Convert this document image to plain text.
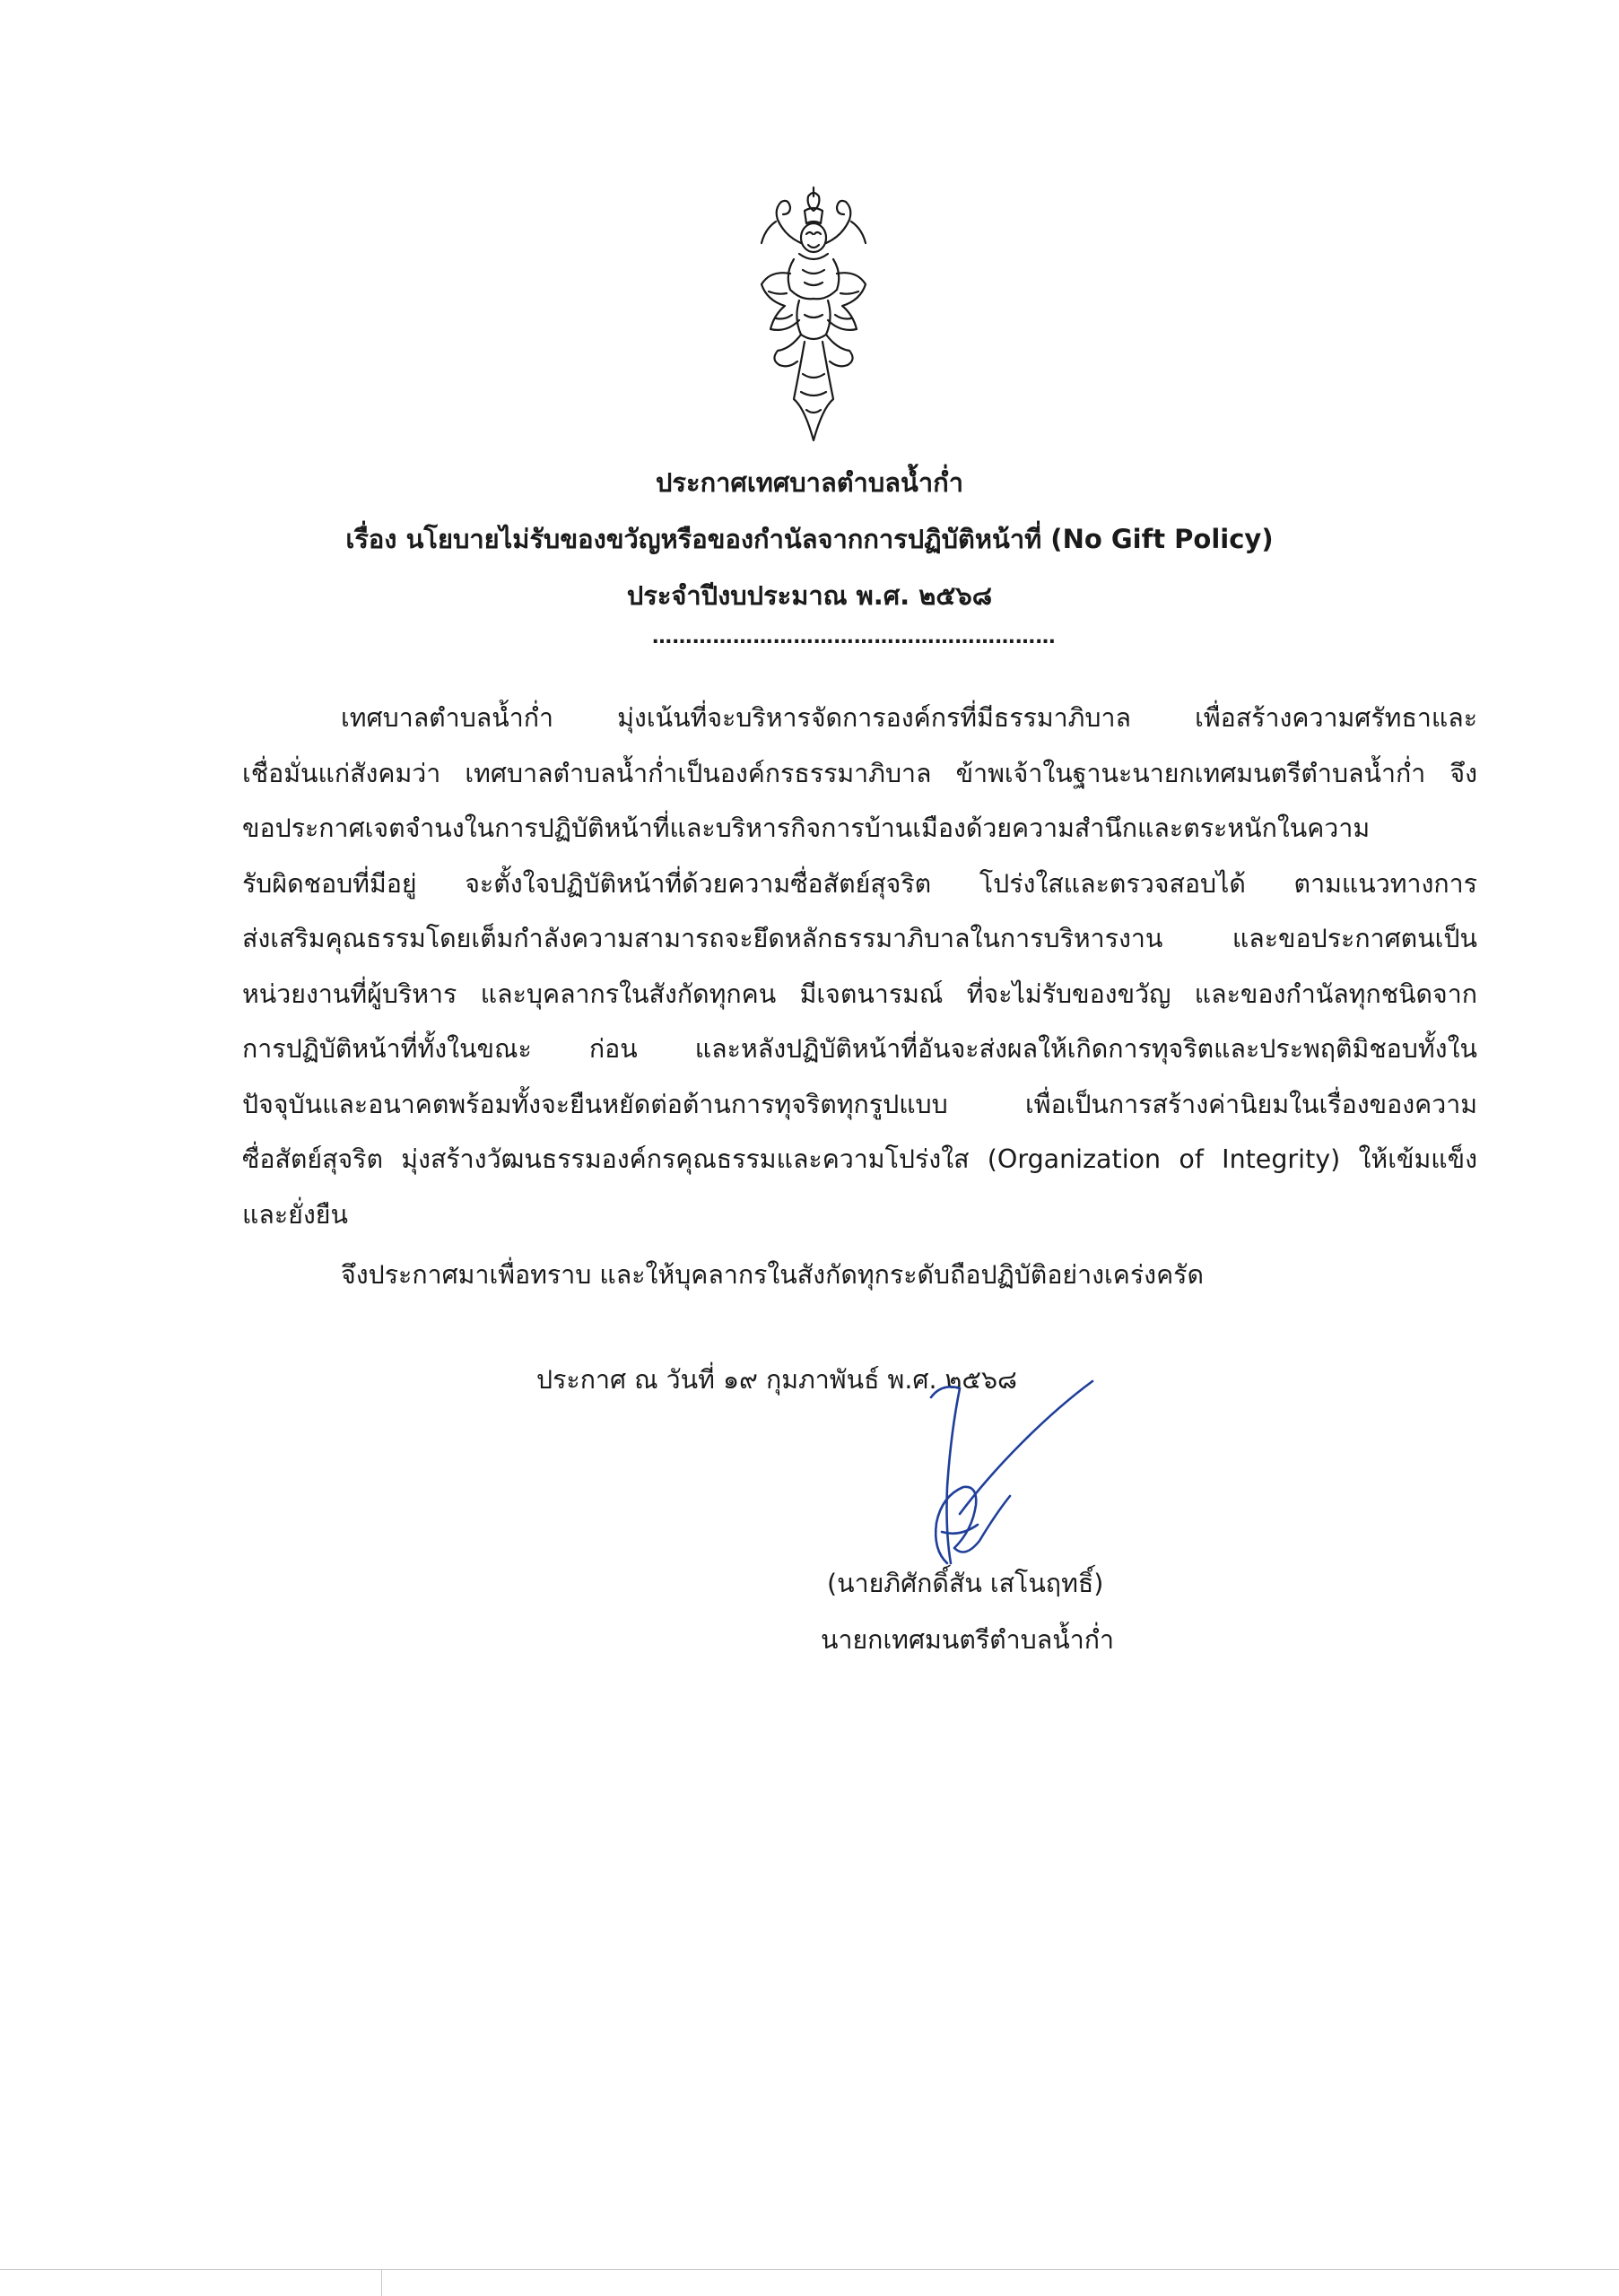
ประกาศเทศบาลตำบลน้ำก่ำ
เรื่อง นโยบายไม่รับของขวัญหรือของกำนัลจากการปฏิบัติหน้าที่ (No Gift Policy)
ประจำปีงบประมาณ พ.ศ. ๒๕๖๘
……………………………………………………
เทศบาลตำบลน้ำก่ำ มุ่งเน้นที่จะบริหารจัดการองค์กรที่มีธรรมาภิบาล เพื่อสร้างความศรัทธาและ
เชื่อมั่นแก่สังคมว่า เทศบาลตำบลน้ำก่ำเป็นองค์กรธรรมาภิบาล ข้าพเจ้าในฐานะนายกเทศมนตรีตำบลน้ำก่ำ จึง
ขอประกาศเจตจำนงในการปฏิบัติหน้าที่และบริหารกิจการบ้านเมืองด้วยความสำนึกและตระหนักในความ
รับผิดชอบที่มีอยู่ จะตั้งใจปฏิบัติหน้าที่ด้วยความซื่อสัตย์สุจริต โปร่งใสและตรวจสอบได้ ตามแนวทางการ
ส่งเสริมคุณธรรมโดยเต็มกำลังความสามารถจะยึดหลักธรรมาภิบาลในการบริหารงาน และขอประกาศตนเป็น
หน่วยงานที่ผู้บริหาร และบุคลากรในสังกัดทุกคน มีเจตนารมณ์ ที่จะไม่รับของขวัญ และของกำนัลทุกชนิดจาก
การปฏิบัติหน้าที่ทั้งในขณะ ก่อน และหลังปฏิบัติหน้าที่อันจะส่งผลให้เกิดการทุจริตและประพฤติมิชอบทั้งใน
ปัจจุบันและอนาคตพร้อมทั้งจะยืนหยัดต่อต้านการทุจริตทุกรูปแบบ เพื่อเป็นการสร้างค่านิยมในเรื่องของความ
ซื่อสัตย์สุจริต มุ่งสร้างวัฒนธรรมองค์กรคุณธรรมและความโปร่งใส (Organization of Integrity) ให้เข้มแข็ง
และยั่งยืน
จึงประกาศมาเพื่อทราบ และให้บุคลากรในสังกัดทุกระดับถือปฏิบัติอย่างเคร่งครัด
ประกาศ ณ วันที่ ๑๙ กุมภาพันธ์ พ.ศ. ๒๕๖๘
(นายภิศักดิ์สัน เสโนฤทธิ์)
นายกเทศมนตรีตำบลน้ำก่ำ
